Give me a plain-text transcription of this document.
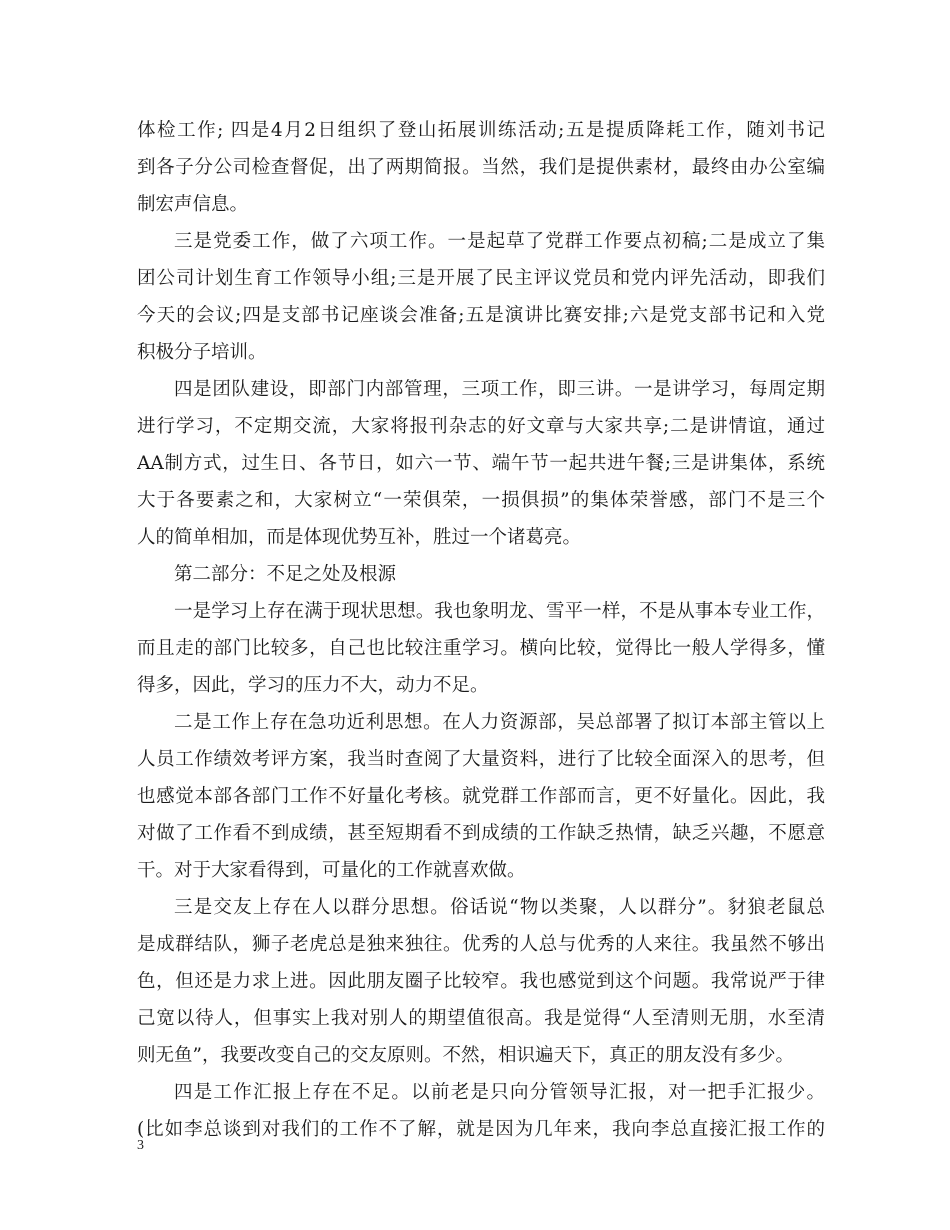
体检工作; 四是4月2日组织了登山拓展训练活动;五是提质降耗工作，随刘书记
到各子分公司检查督促，出了两期简报。当然，我们是提供素材，最终由办公室编
制宏声信息。
三是党委工作，做了六项工作。一是起草了党群工作要点初稿;二是成立了集
团公司计划生育工作领导小组;三是开展了民主评议党员和党内评先活动，即我们
今天的会议;四是支部书记座谈会准备;五是演讲比赛安排;六是党支部书记和入党
积极分子培训。
四是团队建设，即部门内部管理，三项工作，即三讲。一是讲学习，每周定期
进行学习，不定期交流，大家将报刊杂志的好文章与大家共享;二是讲情谊，通过
AA制方式，过生日、各节日，如六一节、端午节一起共进午餐;三是讲集体，系统
大于各要素之和，大家树立“一荣俱荣，一损俱损”的集体荣誉感，部门不是三个
人的简单相加，而是体现优势互补，胜过一个诸葛亮。
第二部分：不足之处及根源
一是学习上存在满于现状思想。我也象明龙、雪平一样，不是从事本专业工作，
而且走的部门比较多，自己也比较注重学习。横向比较，觉得比一般人学得多，懂
得多，因此，学习的压力不大，动力不足。
二是工作上存在急功近利思想。在人力资源部，吴总部署了拟订本部主管以上
人员工作绩效考评方案，我当时查阅了大量资料，进行了比较全面深入的思考，但
也感觉本部各部门工作不好量化考核。就党群工作部而言，更不好量化。因此，我
对做了工作看不到成绩，甚至短期看不到成绩的工作缺乏热情，缺乏兴趣，不愿意
干。对于大家看得到，可量化的工作就喜欢做。
三是交友上存在人以群分思想。俗话说“物以类聚，人以群分”。豺狼老鼠总
是成群结队，狮子老虎总是独来独往。优秀的人总与优秀的人来往。我虽然不够出
色，但还是力求上进。因此朋友圈子比较窄。我也感觉到这个问题。我常说严于律
己宽以待人，但事实上我对别人的期望值很高。我是觉得“人至清则无朋，水至清
则无鱼”，我要改变自己的交友原则。不然，相识遍天下，真正的朋友没有多少。
四是工作汇报上存在不足。以前老是只向分管领导汇报，对一把手汇报少。
(比如李总谈到对我们的工作不了解，就是因为几年来，我向李总直接汇报工作的
3
